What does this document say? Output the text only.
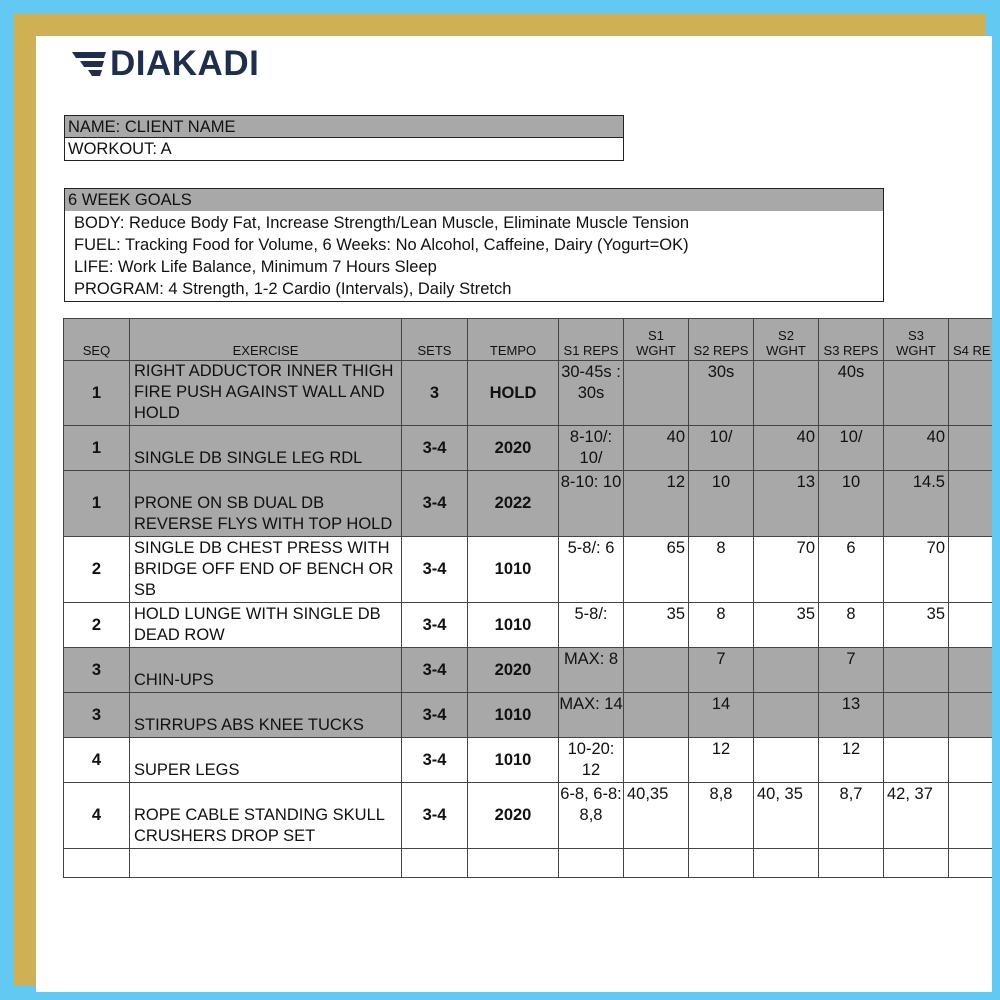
DIAKADI
NAME: CLIENT NAME
WORKOUT: A
6 WEEK GOALS
BODY: Reduce Body Fat, Increase Strength/Lean Muscle, Eliminate Muscle Tension
FUEL: Tracking Food for Volume, 6 Weeks: No Alcohol, Caffeine, Dairy (Yogurt=OK)
LIFE: Work Life Balance, Minimum 7 Hours Sleep
PROGRAM: 4 Strength, 1-2 Cardio (Intervals), Daily Stretch
SEQ	EXERCISE	SETS	TEMPO	S1 REPS	S1 WGHT	S2 REPS	S2 WGHT	S3 REPS	S3 WGHT	S4 RE
1	RIGHT ADDUCTOR INNER THIGH FIRE PUSH AGAINST WALL AND HOLD	3	HOLD	30-45s : 30s		30s		40s		
1	SINGLE DB SINGLE LEG RDL	3-4	2020	8-10/: 10/	40	10/	40	10/	40	
1	PRONE ON SB DUAL DB REVERSE FLYS WITH TOP HOLD	3-4	2022	8-10: 10	12	10	13	10	14.5	
2	SINGLE DB CHEST PRESS WITH BRIDGE OFF END OF BENCH OR SB	3-4	1010	5-8/: 6	65	8	70	6	70	
2	HOLD LUNGE WITH SINGLE DB DEAD ROW	3-4	1010	5-8/:	35	8	35	8	35	
3	CHIN-UPS	3-4	2020	MAX: 8		7		7		
3	STIRRUPS ABS KNEE TUCKS	3-4	1010	MAX: 14		14		13		
4	SUPER LEGS	3-4	1010	10-20: 12		12		12		
4	ROPE CABLE STANDING SKULL CRUSHERS DROP SET	3-4	2020	6-8, 6-8: 8,8	40,35	8,8	40, 35	8,7	42, 37	
